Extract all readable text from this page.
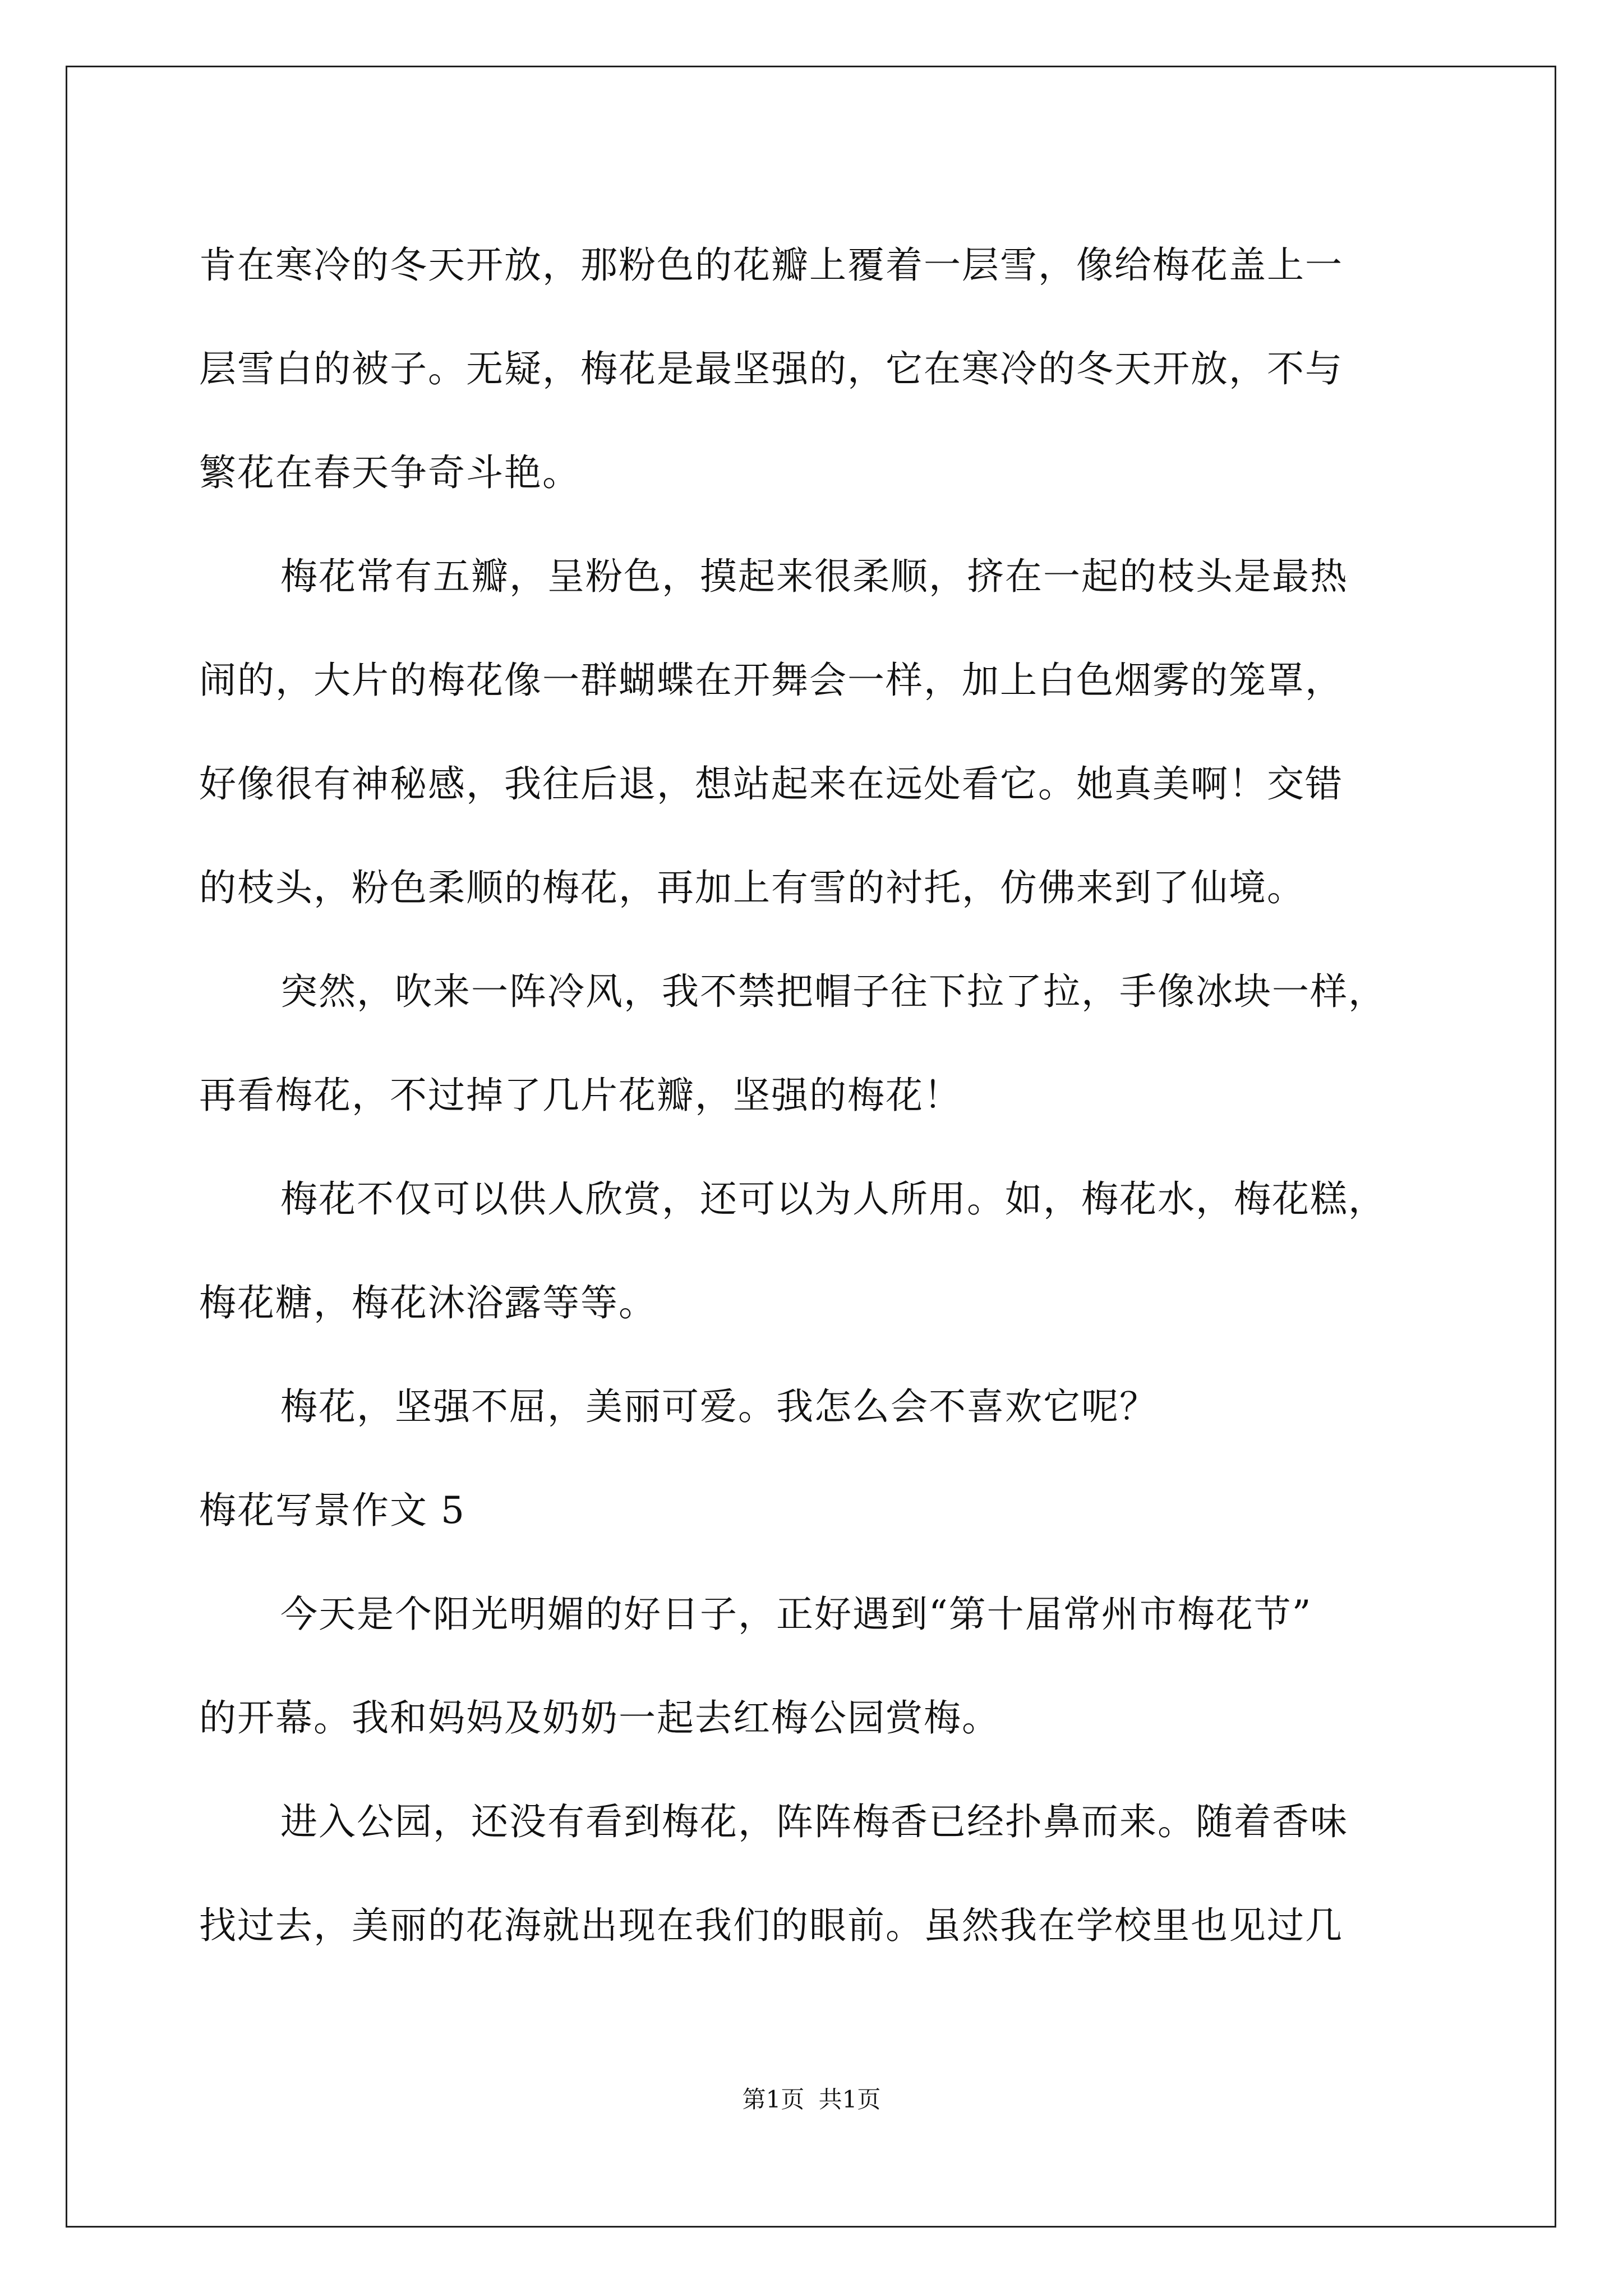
肯在寒冷的冬天开放，那粉色的花瓣上覆着一层雪，像给梅花盖上一
层雪白的被子。无疑，梅花是最坚强的，它在寒冷的冬天开放，不与
繁花在春天争奇斗艳。
梅花常有五瓣，呈粉色，摸起来很柔顺，挤在一起的枝头是最热
闹的，大片的梅花像一群蝴蝶在开舞会一样，加上白色烟雾的笼罩，
好像很有神秘感，我往后退，想站起来在远处看它。她真美啊！交错
的枝头，粉色柔顺的梅花，再加上有雪的衬托，仿佛来到了仙境。
突然，吹来一阵冷风，我不禁把帽子往下拉了拉，手像冰块一样，
再看梅花，不过掉了几片花瓣，坚强的梅花！
梅花不仅可以供人欣赏，还可以为人所用。如，梅花水，梅花糕，
梅花糖，梅花沐浴露等等。
梅花，坚强不屈，美丽可爱。我怎么会不喜欢它呢？
梅花写景作文 5
今天是个阳光明媚的好日子，正好遇到“第十届常州市梅花节”
的开幕。我和妈妈及奶奶一起去红梅公园赏梅。
进入公园，还没有看到梅花，阵阵梅香已经扑鼻而来。随着香味
找过去，美丽的花海就出现在我们的眼前。虽然我在学校里也见过几
第1页 共1页
